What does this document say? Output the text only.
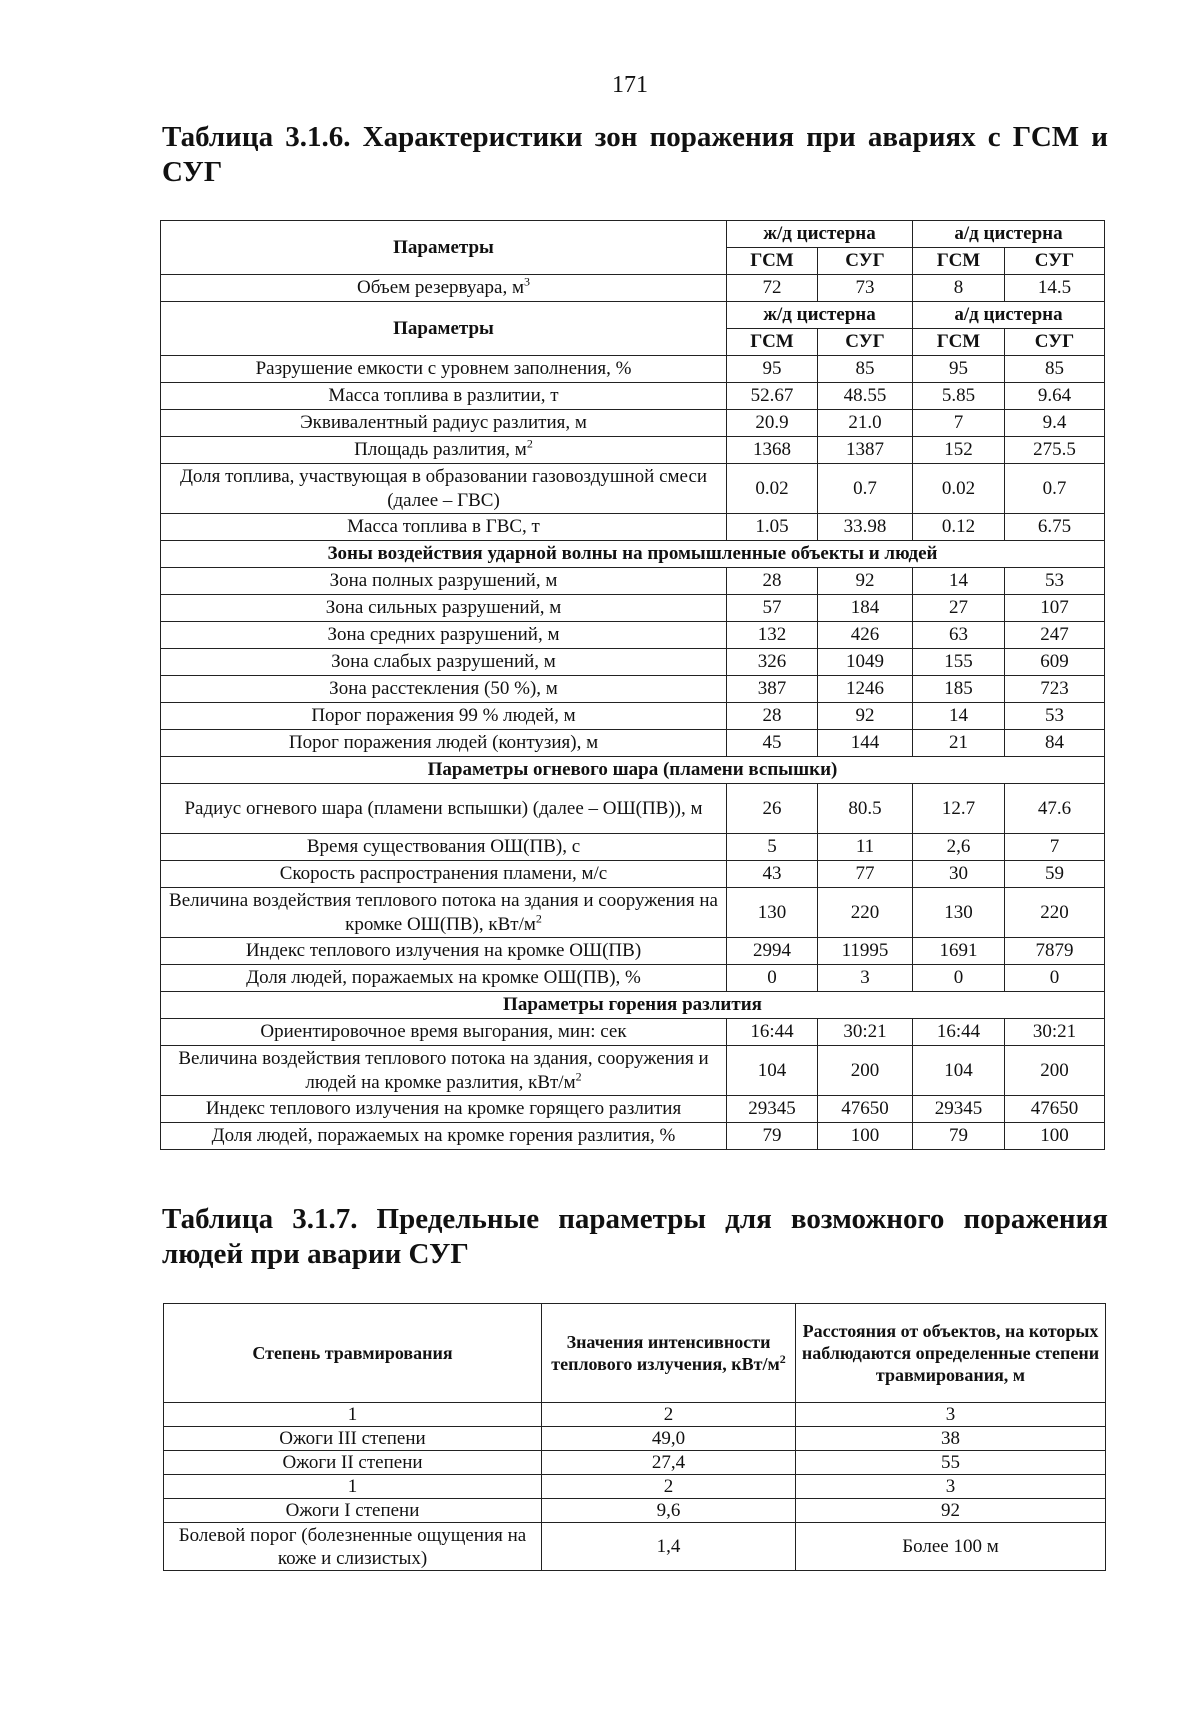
171
Таблица 3.1.6. Характеристики зон поражения при авариях с ГСМ и СУГ
Параметры	ж/д цистерна		а/д цистерна	
	ГСМ	СУГ	ГСМ	СУГ
Объем резервуара, $м^3$	72	73	8	14.5
Параметры	ж/д цистерна		а/д цистерна	
	ГСМ	СУГ	ГСМ	СУГ
Разрушение емкости с уровнем заполнения, %	95	85	95	85
Масса топлива в разлитии, т	52.67	48.55	5.85	9.64
Эквивалентный радиус разлития, м	20.9	21.0	7	9.4
Площадь разлития, $м^2$	1368	1387	152	275.5
Доля топлива, участвующая в образовании газовоздушной смеси (далее – ГВС)	0.02	0.7	0.02	0.7
Масса топлива в ГВС, т	1.05	33.98	0.12	6.75
Зоны воздействия ударной волны на промышленные объекты и людей				
Зона полных разрушений, м	28	92	14	53
Зона сильных разрушений, м	57	184	27	107
Зона средних разрушений, м	132	426	63	247
Зона слабых разрушений, м	326	1049	155	609
Зона расстекления (50 %), м	387	1246	185	723
Порог поражения 99 % людей, м	28	92	14	53
Порог поражения людей (контузия), м	45	144	21	84
Параметры огневого шара (пламени вспышки)				
Радиус огневого шара (пламени вспышки) (далее – ОШ(ПВ)), м	26	80.5	12.7	47.6
Время существования ОШ(ПВ), с	5	11	2,6	7
Скорость распространения пламени, м/с	43	77	30	59
Величина воздействия теплового потока на здания и сооружения на кромке ОШ(ПВ), кВт/$м^2$	130	220	130	220
Индекс теплового излучения на кромке ОШ(ПВ)	2994	11995	1691	7879
Доля людей, поражаемых на кромке ОШ(ПВ), %	0	3	0	0
Параметры горения разлития				
Ориентировочное время выгорания, мин: сек	16:44	30:21	16:44	30:21
Величина воздействия теплового потока на здания, сооружения и людей на кромке разлития, кВт/$м^2$	104	200	104	200
Индекс теплового излучения на кромке горящего разлития	29345	47650	29345	47650
Доля людей, поражаемых на кромке горения разлития, %	79	100	79	100
Таблица 3.1.7. Предельные параметры для возможного поражения людей при аварии СУГ
Степень травмирования	Значения интенсивности теплового излучения, кВт/$м^2$	Расстояния от объектов, на которых наблюдаются определенные степени травмирования, м
1	2	3
Ожоги III степени	49,0	38
Ожоги II степени	27,4	55
1	2	3
Ожоги I степени	9,6	92
Болевой порог (болезненные ощущения на коже и слизистых)	1,4	Более 100 м
